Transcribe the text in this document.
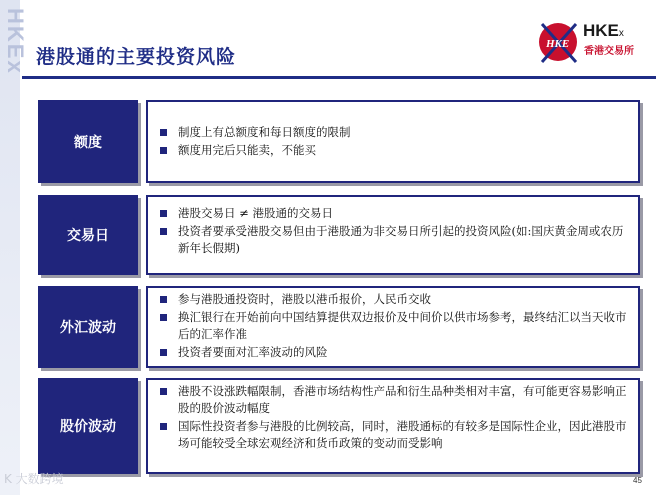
HKEx 港股通的主要投资风险
HKE
HKEx
香港交易所
额度
制度上有总额度和每日额度的限制
额度用完后只能卖，不能买
交易日
港股交易日 ≠ 港股通的交易日
投资者要承受港股交易但由于港股通为非交易日所引起的投资风险(如:国庆黄金周或农历新年长假期)
外汇波动
参与港股通投资时，港股以港币报价，人民币交收
换汇银行在开始前向中国结算提供双边报价及中间价以供市场参考，最终结汇以当天收市后的汇率作准
投资者要面对汇率波动的风险
股价波动
港股不设涨跌幅限制，香港市场结构性产品和衍生品种类相对丰富，有可能更容易影响正股的股价波动幅度
国际性投资者参与港股的比例较高，同时，港股通标的有较多是国际性企业，因此港股市场可能较受全球宏观经济和货币政策的变动而受影响
K 大数跨境	45
